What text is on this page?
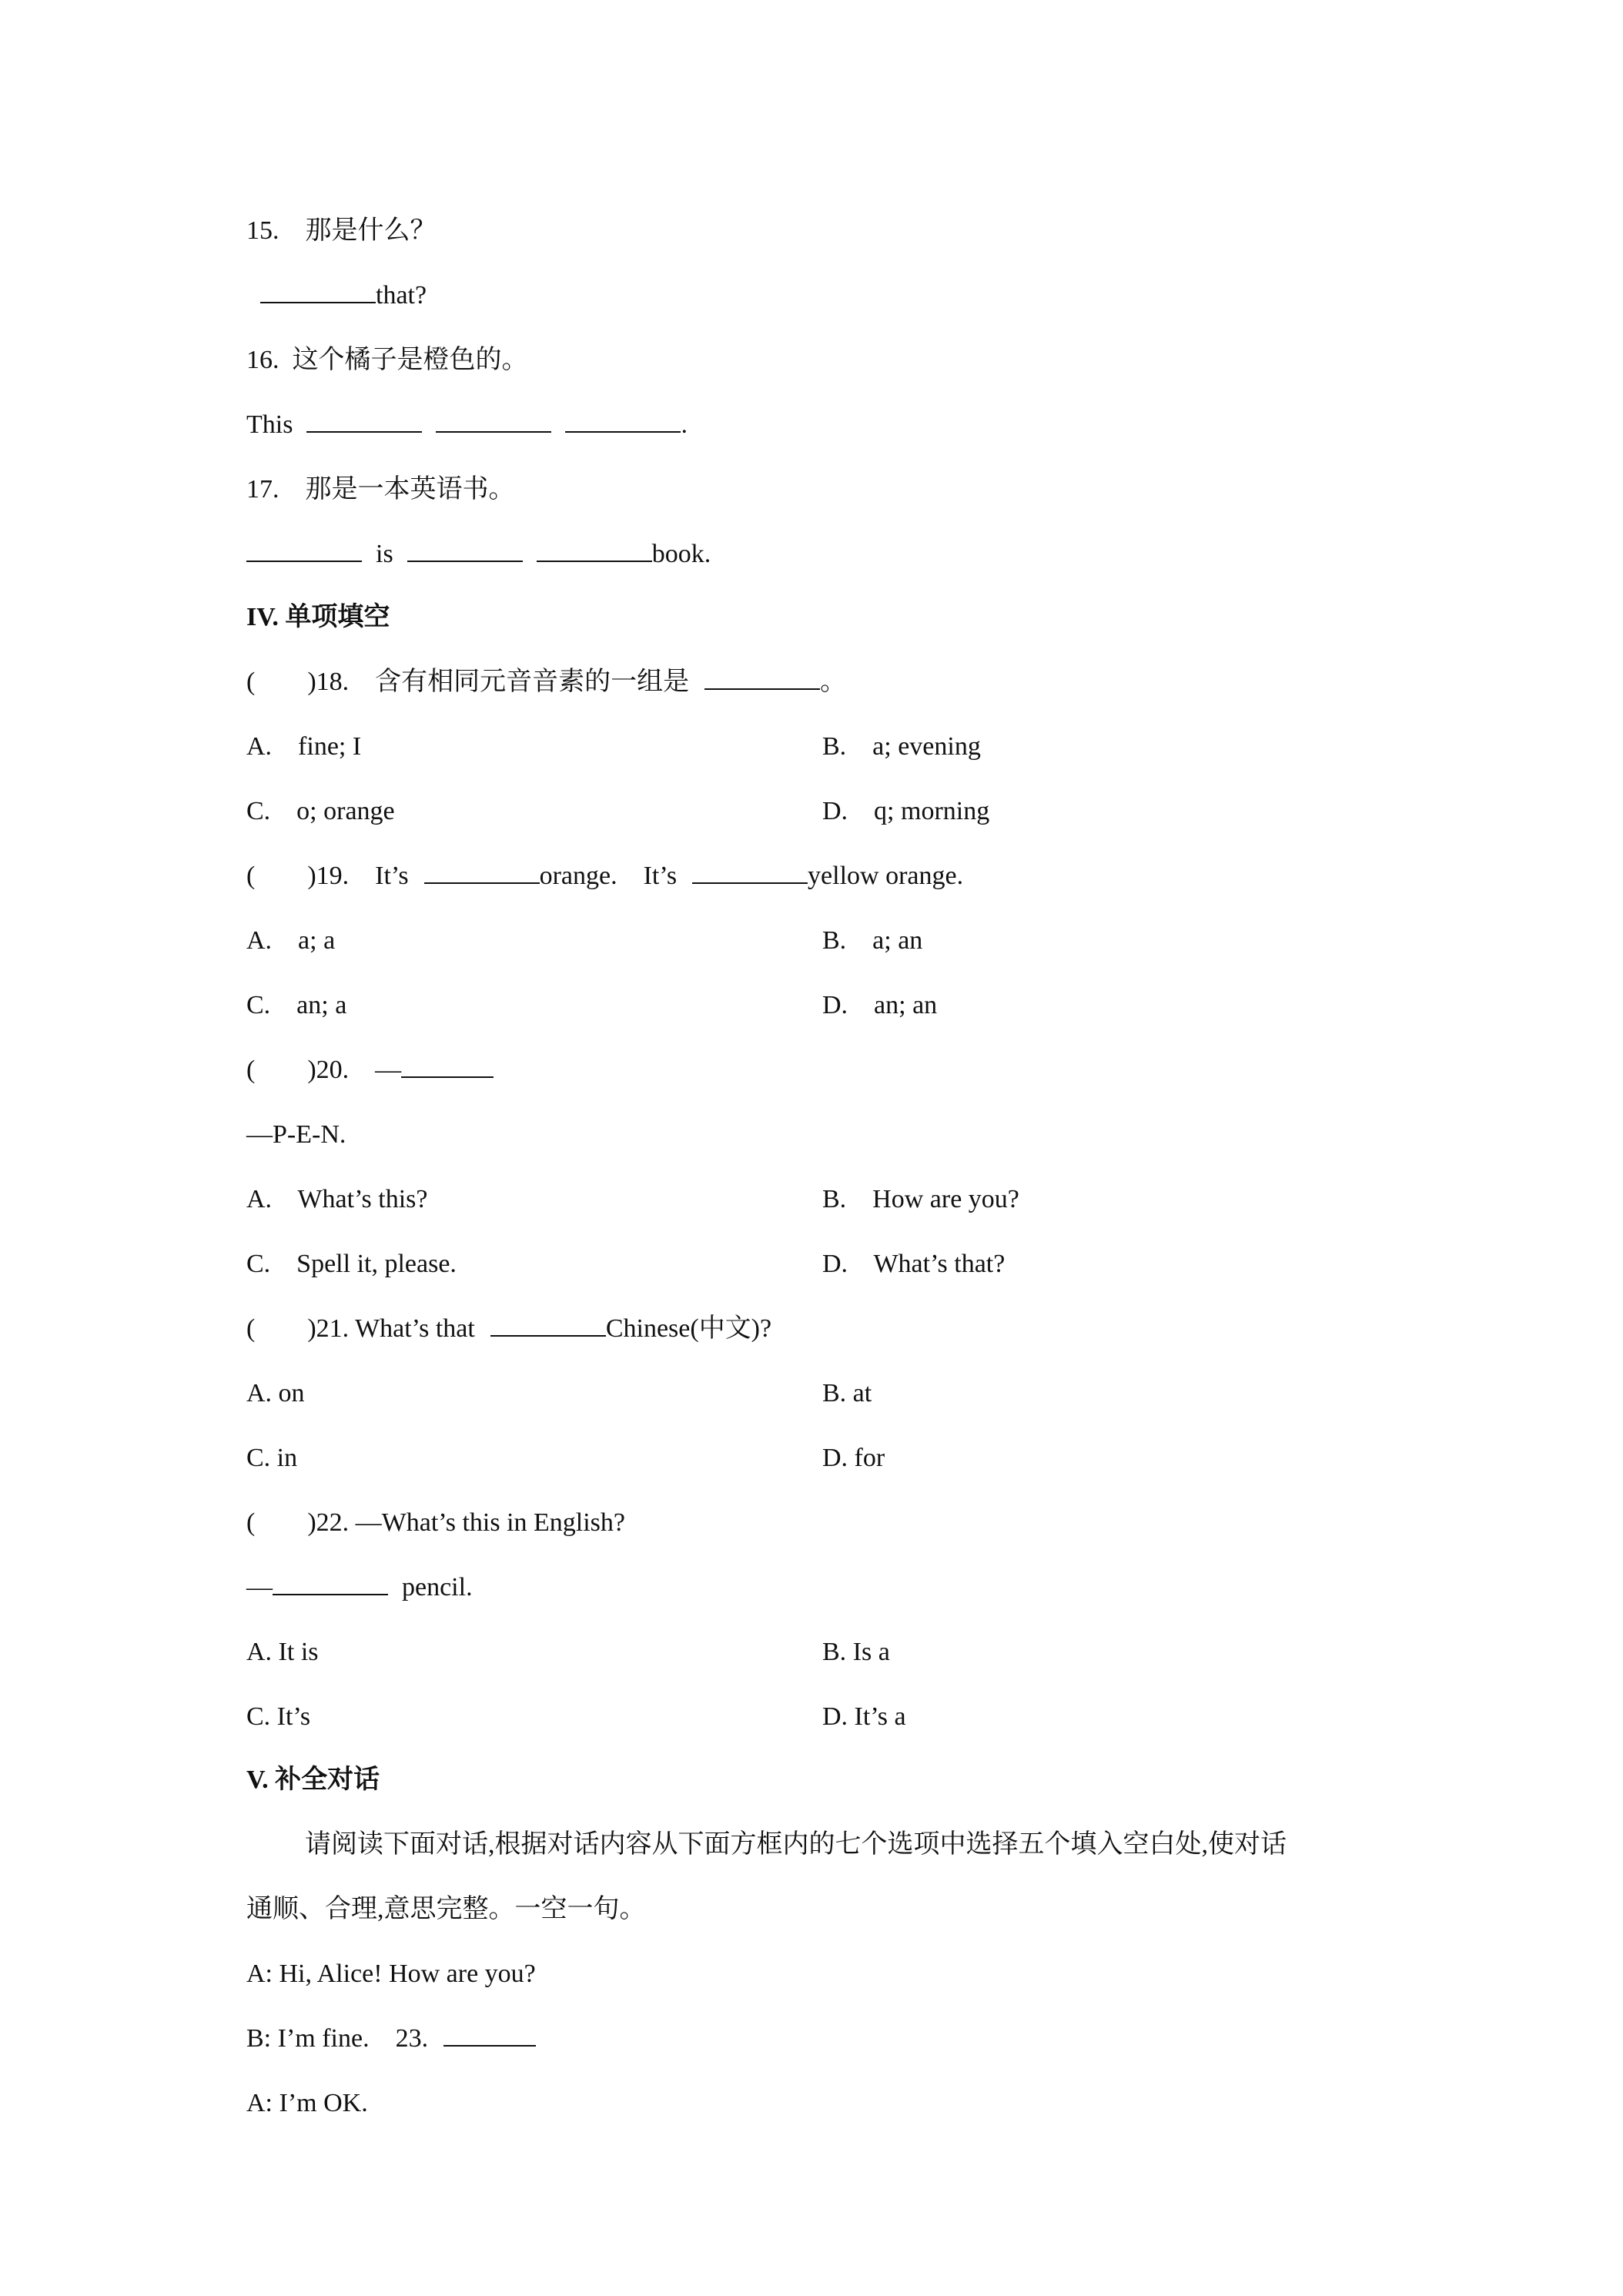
15.    那是什么？
that?
16.  这个橘子是橙色的。
This	.
17.    那是一本英语书。
is	book.
IV. 单项填空
(        )18.    含有相同元音音素的一组是	。
A.    fine; I	B.    a; evening
C.    o; orange	D.    q; morning
(        )19.    It’s	orange.    It’s	yellow orange.
A.    a; a	B.    a; an
C.    an; a	D.    an; an
(        )20.    —
—P-E-N.
A.    What’s this?	B.    How are you?
C.    Spell it, please.	D.    What’s that?
(        )21. What’s that	Chinese(中文)?
A. on	B. at
C. in	D. for
(        )22. —What’s this in English?
—	pencil.
A. It is	B. Is a
C. It’s	D. It’s a
V. 补全对话
请阅读下面对话,根据对话内容从下面方框内的七个选项中选择五个填入空白处,使对话
通顺、合理,意思完整。一空一句。
A: Hi, Alice! How are you?
B: I’m fine.    23.
A: I’m OK.
